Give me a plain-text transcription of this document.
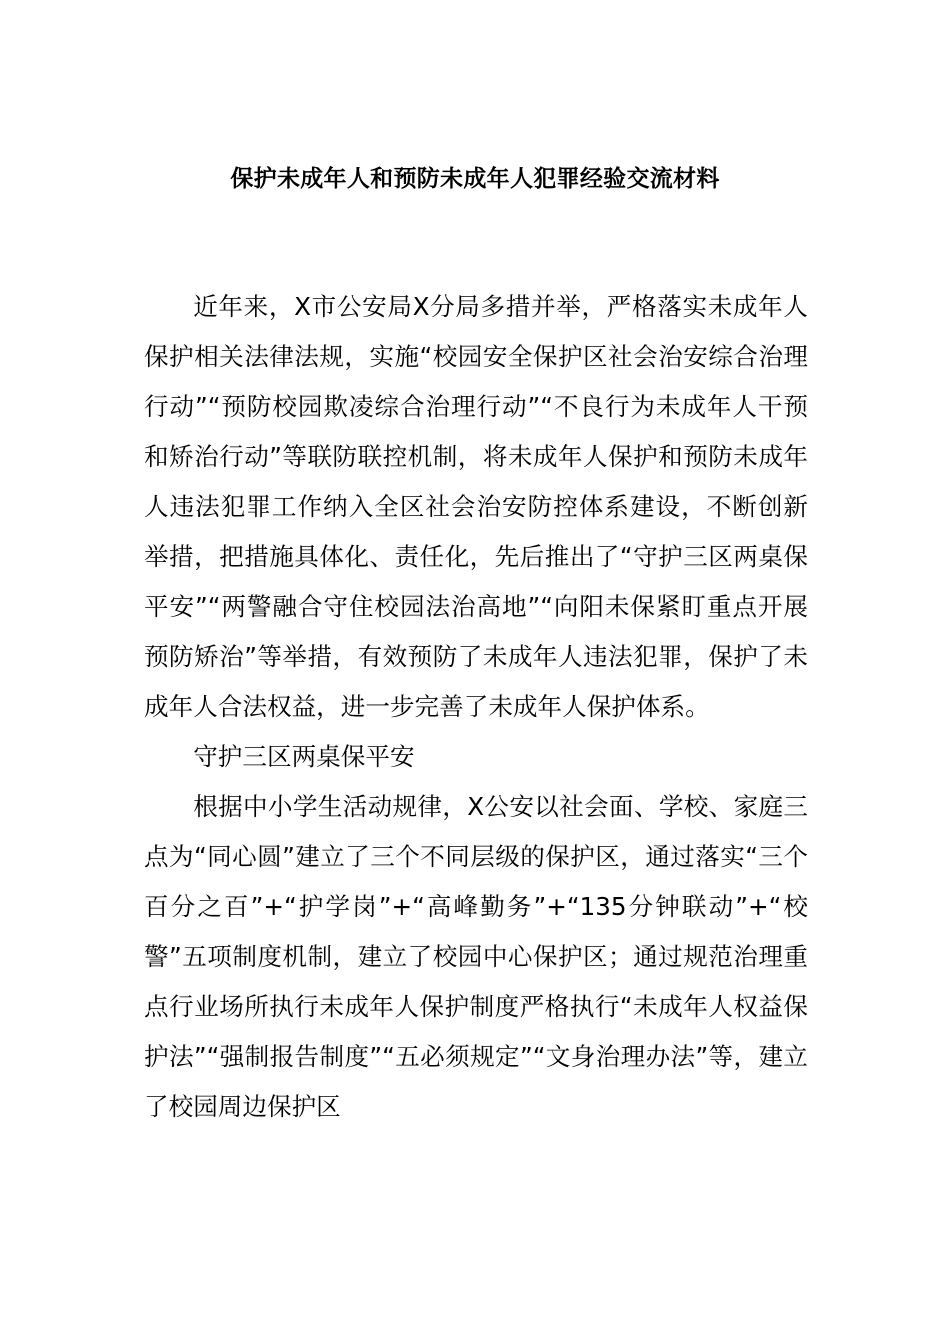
保护未成年人和预防未成年人犯罪经验交流材料

近年来，X市公安局X分局多措并举，严格落实未成年人保护相关法律法规，实施“校园安全保护区社会治安综合治理行动”“预防校园欺凌综合治理行动”“不良行为未成年人干预和矫治行动”等联防联控机制，将未成年人保护和预防未成年人违法犯罪工作纳入全区社会治安防控体系建设，不断创新举措，把措施具体化、责任化，先后推出了“守护三区两桌保平安”“两警融合守住校园法治高地”“向阳未保紧盯重点开展预防矫治”等举措，有效预防了未成年人违法犯罪，保护了未成年人合法权益，进一步完善了未成年人保护体系。

守护三区两桌保平安

根据中小学生活动规律，X公安以社会面、学校、家庭三点为“同心圆”建立了三个不同层级的保护区，通过落实“三个百分之百”+“护学岗”+“高峰勤务”+“135分钟联动”+“校警”五项制度机制，建立了校园中心保护区；通过规范治理重点行业场所执行未成年人保护制度严格执行“未成年人权益保护法”“强制报告制度”“五必须规定”“文身治理办法”等，建立了校园周边保护区
